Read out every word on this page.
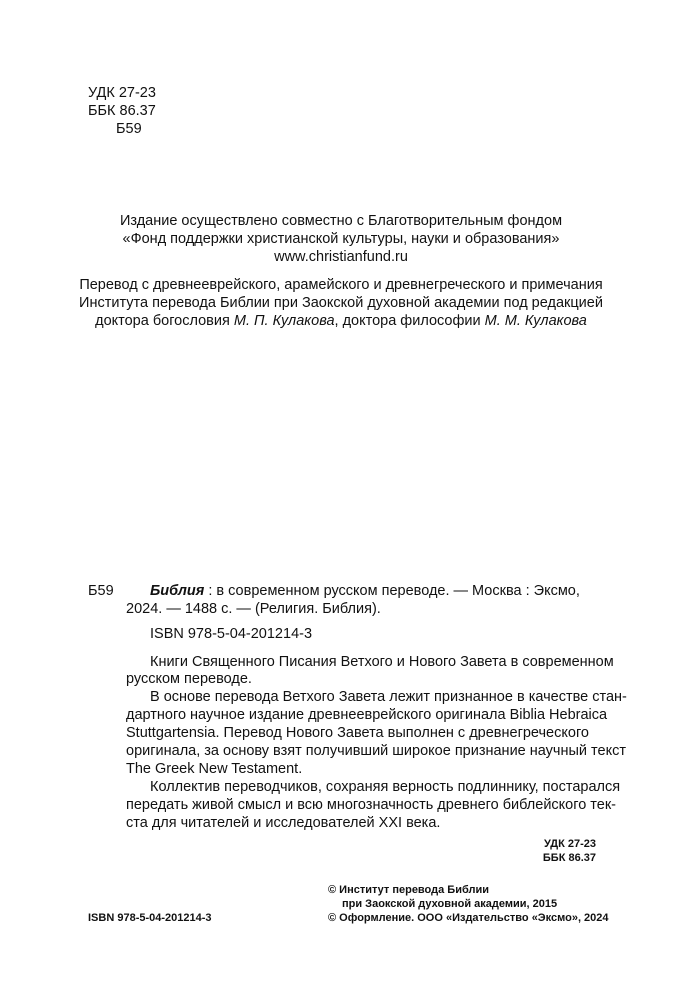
УДК 27-23
ББК 86.37
Б59
Издание осуществлено совместно с Благотворительным фондом
«Фонд поддержки христианской культуры, науки и образования»
www.christianfund.ru
Перевод с древнееврейского, арамейского и древнегреческого и примечания
Института перевода Библии при Заокской духовной академии под редакцией
доктора богословия М. П. Кулакова, доктора философии М. М. Кулакова
Б59	Библия : в современном русском переводе. — Москва : Эксмо,
2024. — 1488 с. — (Религия. Библия).
ISBN 978-5-04-201214-3
Книги Священного Писания Ветхого и Нового Завета в современном
русском переводе.
В основе перевода Ветхого Завета лежит признанное в качестве стан-
дартного научное издание древнееврейского оригинала Biblia Hebraica
Stuttgartensia. Перевод Нового Завета выполнен с древнегреческого
оригинала, за основу взят получивший широкое признание научный текст
The Greek New Testament.
Коллектив переводчиков, сохраняя верность подлиннику, постарался
передать живой смысл и всю многозначность древнего библейского тек-
ста для читателей и исследователей XXI века.
УДК 27-23
ББК 86.37
© Институт перевода Библии
при Заокской духовной академии, 2015
ISBN 978-5-04-201214-3	© Оформление. ООО «Издательство «Эксмо», 2024
